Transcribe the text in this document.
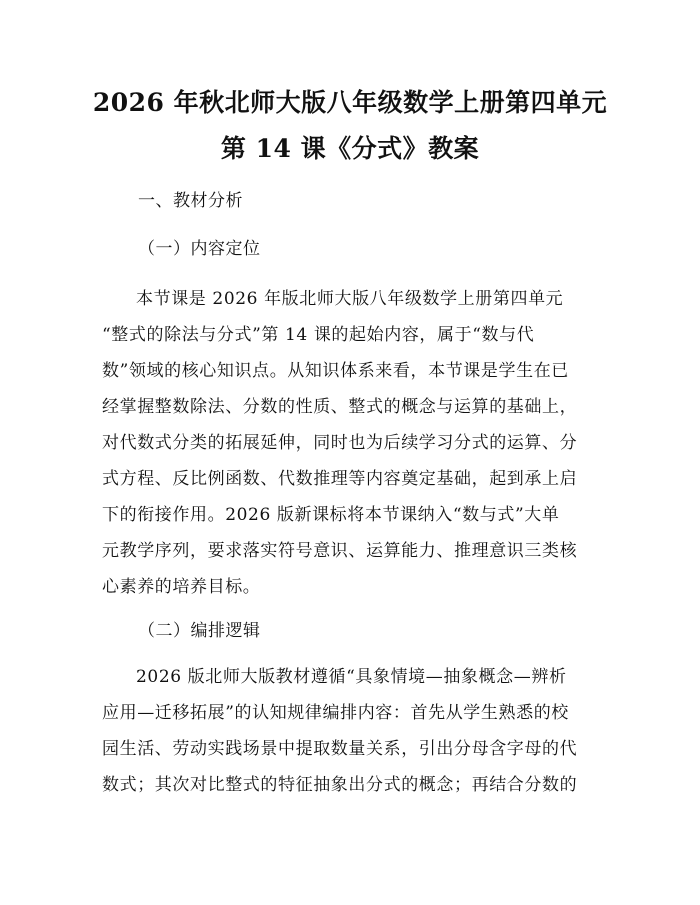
2026 年秋北师大版八年级数学上册第四单元
第 14 课《分式》教案
一、教材分析
（一）内容定位
本节课是 2026 年版北师大版八年级数学上册第四单元
“整式的除法与分式”第 14 课的起始内容，属于“数与代
数”领域的核心知识点。从知识体系来看，本节课是学生在已
经掌握整数除法、分数的性质、整式的概念与运算的基础上，
对代数式分类的拓展延伸，同时也为后续学习分式的运算、分
式方程、反比例函数、代数推理等内容奠定基础，起到承上启
下的衔接作用。2026 版新课标将本节课纳入“数与式”大单
元教学序列，要求落实符号意识、运算能力、推理意识三类核
心素养的培养目标。
（二）编排逻辑
2026 版北师大版教材遵循“具象情境—抽象概念—辨析
应用—迁移拓展”的认知规律编排内容：首先从学生熟悉的校
园生活、劳动实践场景中提取数量关系，引出分母含字母的代
数式；其次对比整式的特征抽象出分式的概念；再结合分数的
